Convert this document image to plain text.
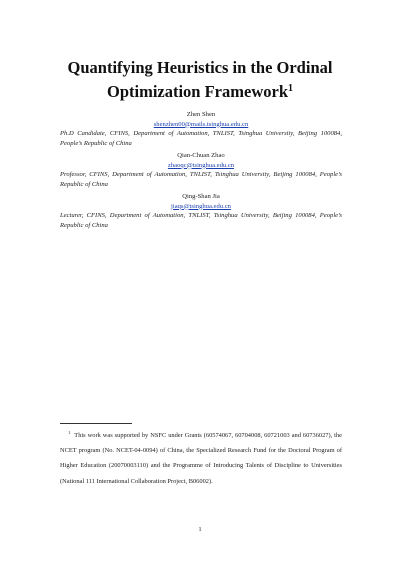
Quantifying Heuristics in the Ordinal Optimization Framework$^1$
Zhen Shen
shenzhen00@mails.tsinghua.edu.cn
Ph.D Candidate, CFINS, Department of Automation, TNLIST, Tsinghua University, Beijing 100084, People’s Republic of China
Qian-Chuan Zhao
zhaoqc@tsinghua.edu.cn
Professor, CFINS, Department of Automation, TNLIST, Tsinghua University, Beijing 100084, People’s Republic of China
Qing-Shan Jia
jiaqs@tsinghua.edu.cn
Lecturer, CFINS, Department of Automation, TNLIST, Tsinghua University, Beijing 100084, People’s Republic of China
$^1$ This work was supported by NSFC under Grants (60574067, 60704008, 60721003 and 60736027), the NCET program (No. NCET-04-0094) of China, the Specialized Research Fund for the Doctoral Program of Higher Education (20070003110) and the Programme of Introducing Talents of Discipline to Universities (National 111 International Collaboration Project, B06002).
1
